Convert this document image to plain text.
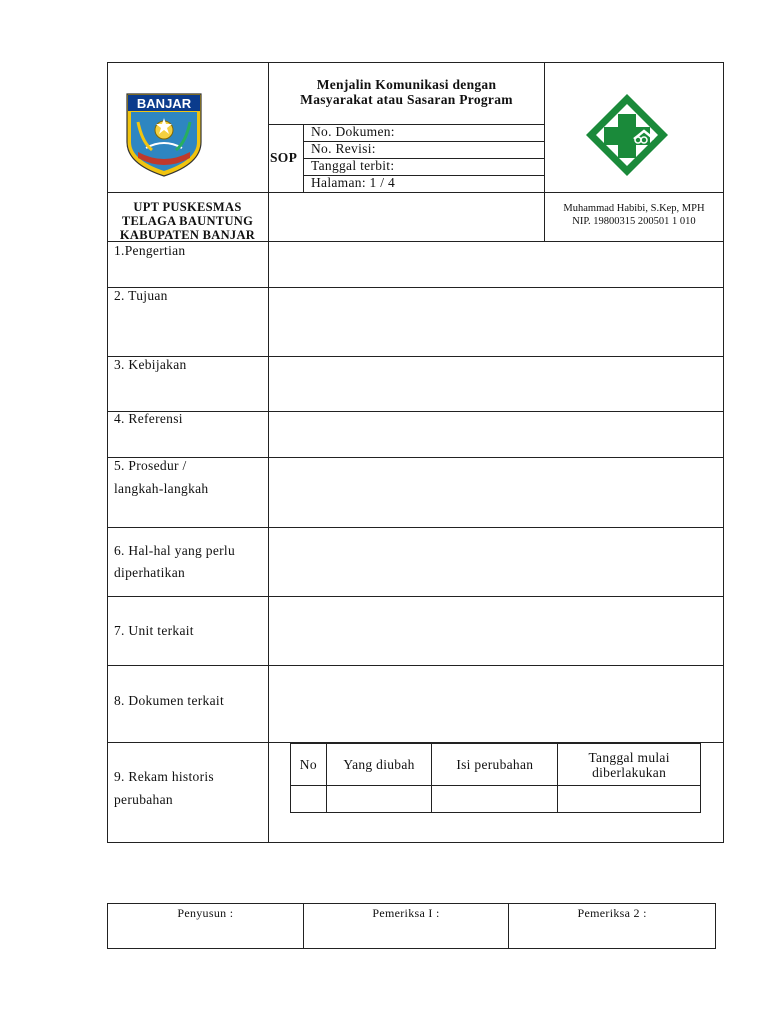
BANJAR
Menjalin Komunikasi dengan
Masyarakat atau Sasaran Program
SOP
No. Dokumen:
No. Revisi:
Tanggal terbit:
Halaman: 1 / 4
UPT PUSKESMAS
TELAGA BAUNTUNG
KABUPATEN BANJAR
Muhammad Habibi, S.Kep, MPH
NIP. 19800315 200501 1 010
1.Pengertian
2. Tujuan
3. Kebijakan
4. Referensi
5. Prosedur /
langkah-langkah
6. Hal-hal yang perlu
diperhatikan
7. Unit terkait
8. Dokumen terkait
9. Rekam historis
perubahan
No	Yang diubah	Isi perubahan	Tanggal mulai
diberlakukan

Penyusun :	Pemeriksa I :	Pemeriksa 2 :
